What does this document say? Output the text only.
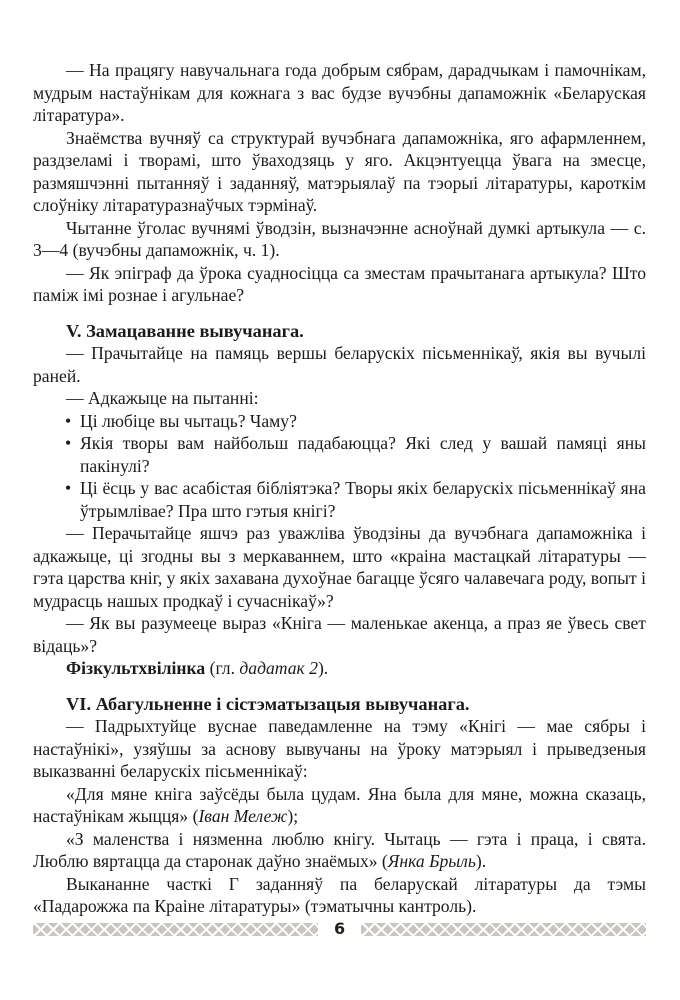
— На працягу навучальнага года добрым сябрам, дарадчыкам і памочнікам, мудрым настаўнікам для кожнага з вас будзе вучэбны дапаможнік «Беларуская літаратура».
Знаёмства вучняў са структурай вучэбнага дапаможніка, яго афармленнем, раздзеламі і творамі, што ўваходзяць у яго. Акцэнтуецца ўвага на змесце, размяшчэнні пытанняў і заданняў, матэрыялаў па тэорыі літаратуры, кароткім слоўніку літаратуразнаўчых тэрмінаў.
Чытанне ўголас вучнямі ўводзін, вызначэнне асноўнай думкі артыкула — с. 3—4 (вучэбны дапаможнік, ч. 1).
— Як эпіграф да ўрока суадносіцца са зместам прачытанага артыкула? Што паміж імі рознае і агульнае?
V. Замацаванне вывучанага.
— Прачытайце на памяць вершы беларускіх пісьменнікаў, якія вы вучылі раней.
— Адкажыце на пытанні:
• Ці любіце вы чытаць? Чаму?
• Якія творы вам найбольш падабаюцца? Які след у вашай памяці яны пакінулі?
• Ці ёсць у вас асабістая бібліятэка? Творы якіх беларускіх пісьменнікаў яна ўтрымлівае? Пра што гэтыя кнігі?
— Перачытайце яшчэ раз уважліва ўводзіны да вучэбнага дапаможніка і адкажыце, ці згодны вы з меркаваннем, што «краіна мастацкай літаратуры — гэта царства кніг, у якіх захавана духоўнае багацце ўсяго чалавечага роду, вопыт і мудрасць нашых продкаў і сучаснікаў»?
— Як вы разумееце выраз «Кніга — маленькае акенца, а праз яе ўвесь свет відаць»?
Фізкультхвілінка (гл. дадатак 2).
VI. Абагульненне і сістэматызацыя вывучанага.
— Падрыхтуйце вуснае паведамленне на тэму «Кнігі — мае сябры і настаўнікі», узяўшы за аснову вывучаны на ўроку матэрыял і прыведзеныя выказванні беларускіх пісьменнікаў:
«Для мяне кніга заўсёды была цудам. Яна была для мяне, можна сказаць, настаўнікам жыцця» (Іван Мележ);
«З маленства і нязменна люблю кнігу. Чытаць — гэта і праца, і свята. Люблю вяртацца да старонак даўно знаёмых» (Янка Брыль).
Выкананне часткі Г заданняў па беларускай літаратуры да тэмы «Падарожжа па Краіне літаратуры» (тэматычны кантроль).
6
